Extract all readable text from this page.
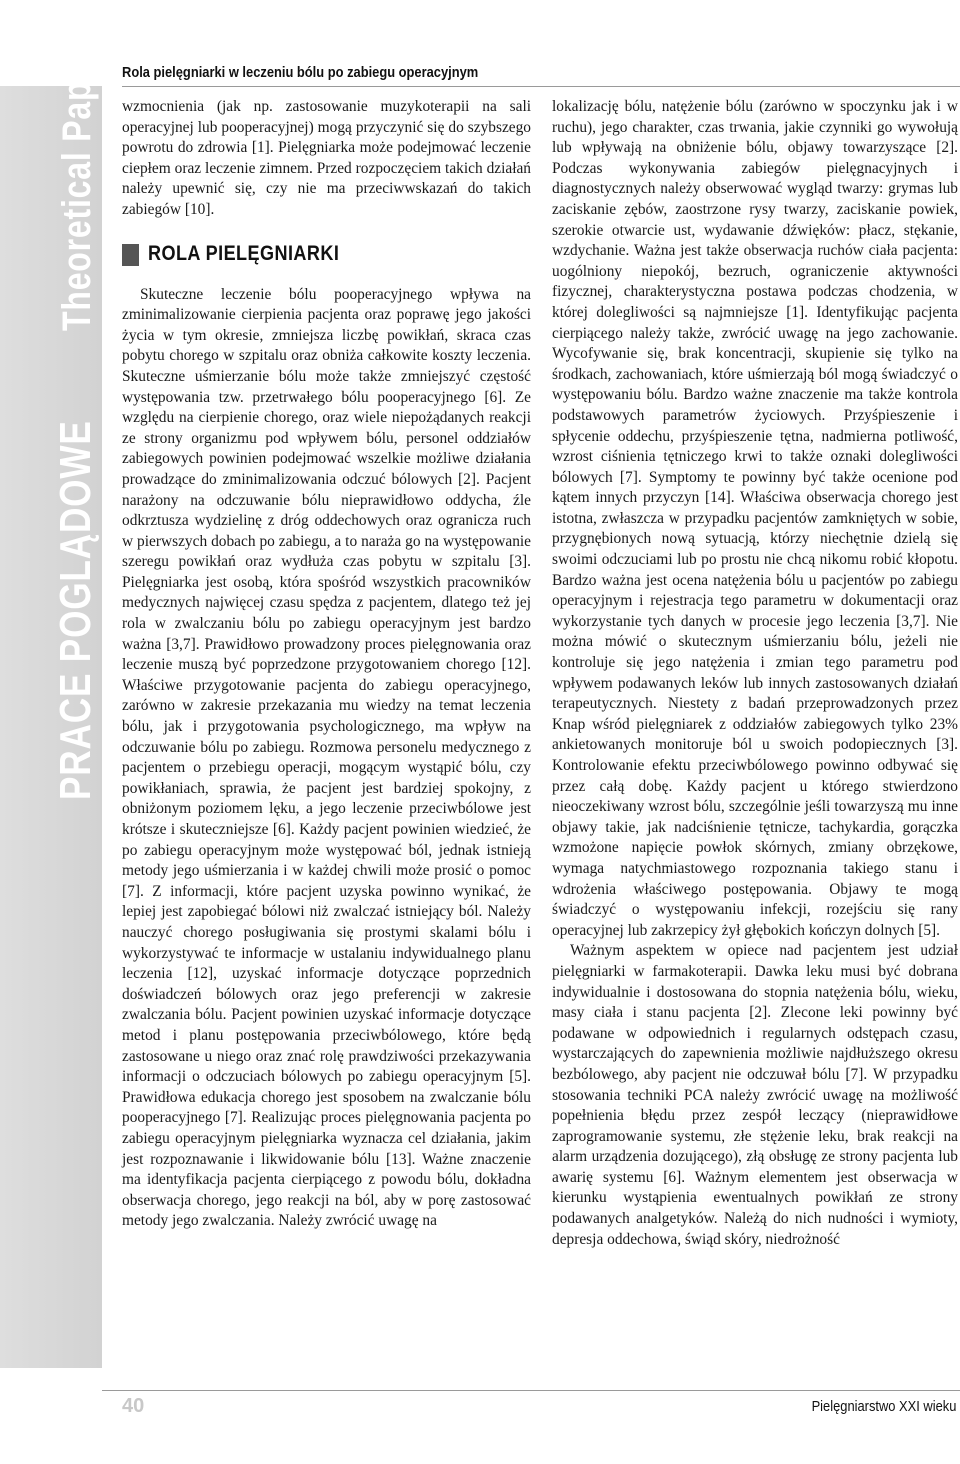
Rola pielęgniarki w leczeniu bólu po zabiegu operacyjnym
PRACE POGLĄDOWE Theoretical Papers wzmocnienia (jak np. zastosowanie muzykoterapii na sali operacyjnej lub pooperacyjnej) mogą przyczynić się do szybszego powrotu do zdrowia [1]. Pielęgniarka może podejmować leczenie ciepłem oraz leczenie zimnem. Przed rozpoczęciem takich działań należy upewnić się, czy nie ma przeciwwskazań do takich zabiegów [10].

ROLA PIELĘGNIARKI

Skuteczne leczenie bólu pooperacyjnego wpływa na zminimalizowanie cierpienia pacjenta oraz poprawę jego jakości życia w tym okresie, zmniejsza liczbę powikłań, skraca czas pobytu chorego w szpitalu oraz obniża całkowite koszty leczenia. Skuteczne uśmierzanie bólu może także zmniejszyć częstość występowania tzw. przetrwałego bólu pooperacyjnego [6]. Ze względu na cierpienie chorego, oraz wiele niepożądanych reakcji ze strony organizmu pod wpływem bólu, personel oddziałów zabiegowych powinien podejmować wszelkie możliwe działania prowadzące do zminimalizowania odczuć bólowych [2]. Pacjent narażony na odczuwanie bólu nieprawidłowo oddycha, źle odkrztusza wydzielinę z dróg oddechowych oraz ogranicza ruch w pierwszych dobach po zabiegu, a to naraża go na występowanie szeregu powikłań oraz wydłuża czas pobytu w szpitalu [3]. Pielęgniarka jest osobą, która spośród wszystkich pracowników medycznych najwięcej czasu spędza z pacjentem, dlatego też jej rola w zwalczaniu bólu po zabiegu operacyjnym jest bardzo ważna [3,7]. Prawidłowo prowadzony proces pielęgnowania oraz leczenie muszą być poprzedzone przygotowaniem chorego [12]. Właściwe przygotowanie pacjenta do zabiegu operacyjnego, zarówno w zakresie przekazania mu wiedzy na temat leczenia bólu, jak i przygotowania psychologicznego, ma wpływ na odczuwanie bólu po zabiegu. Rozmowa personelu medycznego z pacjentem o przebiegu operacji, mogącym wystąpić bólu, czy powikłaniach, sprawia, że pacjent jest bardziej spokojny, z obniżonym poziomem lęku, a jego leczenie przeciwbólowe jest krótsze i skuteczniejsze [6]. Każdy pacjent powinien wiedzieć, że po zabiegu operacyjnym może występować ból, jednak istnieją metody jego uśmierzania i w każdej chwili może prosić o pomoc [7]. Z informacji, które pacjent uzyska powinno wynikać, że lepiej jest zapobiegać bólowi niż zwalczać istniejący ból. Należy nauczyć chorego posługiwania się prostymi skalami bólu i wykorzystywać te informacje w ustalaniu indywidualnego planu leczenia [12], uzyskać informacje dotyczące poprzednich doświadczeń bólowych oraz jego preferencji w zakresie zwalczania bólu. Pacjent powinien uzyskać informacje dotyczące metod i planu postępowania przeciwbólowego, które będą zastosowane u niego oraz znać rolę prawdziwości przekazywania informacji o odczuciach bólowych po zabiegu operacyjnym [5]. Prawidłowa edukacja chorego jest sposobem na zwalczanie bólu pooperacyjnego [7]. Realizując proces pielęgnowania pacjenta po zabiegu operacyjnym pielęgniarka wyznacza cel działania, jakim jest rozpoznawanie i likwidowanie bólu [13]. Ważne znaczenie ma identyfikacja pacjenta cierpiącego z powodu bólu, dokładna obserwacja chorego, jego reakcji na ból, aby w porę zastosować metody jego zwalczania. Należy zwrócić uwagę na

lokalizację bólu, natężenie bólu (zarówno w spoczynku jak i w ruchu), jego charakter, czas trwania, jakie czynniki go wywołują lub wpływają na obniżenie bólu, objawy towarzyszące [2]. Podczas wykonywania zabiegów pielęgnacyjnych i diagnostycznych należy obserwować wygląd twarzy: grymas lub zaciskanie zębów, zaostrzone rysy twarzy, zaciskanie powiek, szerokie otwarcie ust, wydawanie dźwięków: płacz, stękanie, wzdychanie. Ważna jest także obserwacja ruchów ciała pacjenta: uogólniony niepokój, bezruch, ograniczenie aktywności fizycznej, charakterystyczna postawa podczas chodzenia, w której dolegliwości są najmniejsze [1]. Identyfikując pacjenta cierpiącego należy także, zwrócić uwagę na jego zachowanie. Wycofywanie się, brak koncentracji, skupienie się tylko na środkach, zachowaniach, które uśmierzają ból mogą świadczyć o występowaniu bólu. Bardzo ważne znaczenie ma także kontrola podstawowych parametrów życiowych. Przyśpieszenie i spłycenie oddechu, przyśpieszenie tętna, nadmierna potliwość, wzrost ciśnienia tętniczego krwi to także oznaki dolegliwości bólowych [7]. Symptomy te powinny być także ocenione pod kątem innych przyczyn [14]. Właściwa obserwacja chorego jest istotna, zwłaszcza w przypadku pacjentów zamkniętych w sobie, przygnębionych nową sytuacją, którzy niechętnie dzielą się swoimi odczuciami lub po prostu nie chcą nikomu robić kłopotu. Bardzo ważna jest ocena natężenia bólu u pacjentów po zabiegu operacyjnym i rejestracja tego parametru w dokumentacji oraz wykorzystanie tych danych w procesie jego leczenia [3,7]. Nie można mówić o skutecznym uśmierzaniu bólu, jeżeli nie kontroluje się jego natężenia i zmian tego parametru pod wpływem podawanych leków lub innych zastosowanych działań terapeutycznych. Niestety z badań przeprowadzonych przez Knap wśród pielęgniarek z oddziałów zabiegowych tylko 23% ankietowanych monitoruje ból u swoich podopiecznych [3]. Kontrolowanie efektu przeciwbólowego powinno odbywać się przez całą dobę. Każdy pacjent u którego stwierdzono nieoczekiwany wzrost bólu, szczególnie jeśli towarzyszą mu inne objawy takie, jak nadciśnienie tętnicze, tachykardia, gorączka wzmożone napięcie powłok skórnych, zmiany obrzękowe, wymaga natychmiastowego rozpoznania takiego stanu i wdrożenia właściwego postępowania. Objawy te mogą świadczyć o występowaniu infekcji, rozejściu się rany operacyjnej lub zakrzepicy żył głębokich kończyn dolnych [5].

Ważnym aspektem w opiece nad pacjentem jest udział pielęgniarki w farmakoterapii. Dawka leku musi być dobrana indywidualnie i dostosowana do stopnia natężenia bólu, wieku, masy ciała i stanu pacjenta [2]. Zlecone leki powinny być podawane w odpowiednich i regularnych odstępach czasu, wystarczających do zapewnienia możliwie najdłuższego okresu bezbólowego, aby pacjent nie odczuwał bólu [7]. W przypadku stosowania techniki PCA należy zwrócić uwagę na możliwość popełnienia błędu przez zespół leczący (nieprawidłowe zaprogramowanie systemu, złe stężenie leku, brak reakcji na alarm urządzenia dozującego), złą obsługę ze strony pacjenta lub awarię systemu [6]. Ważnym elementem jest obserwacja w kierunku wystąpienia ewentualnych powikłań ze strony podawanych analgetyków. Należą do nich nudności i wymioty, depresja oddechowa, świąd skóry, niedrożność

40	Pielęgniarstwo XXI wieku
